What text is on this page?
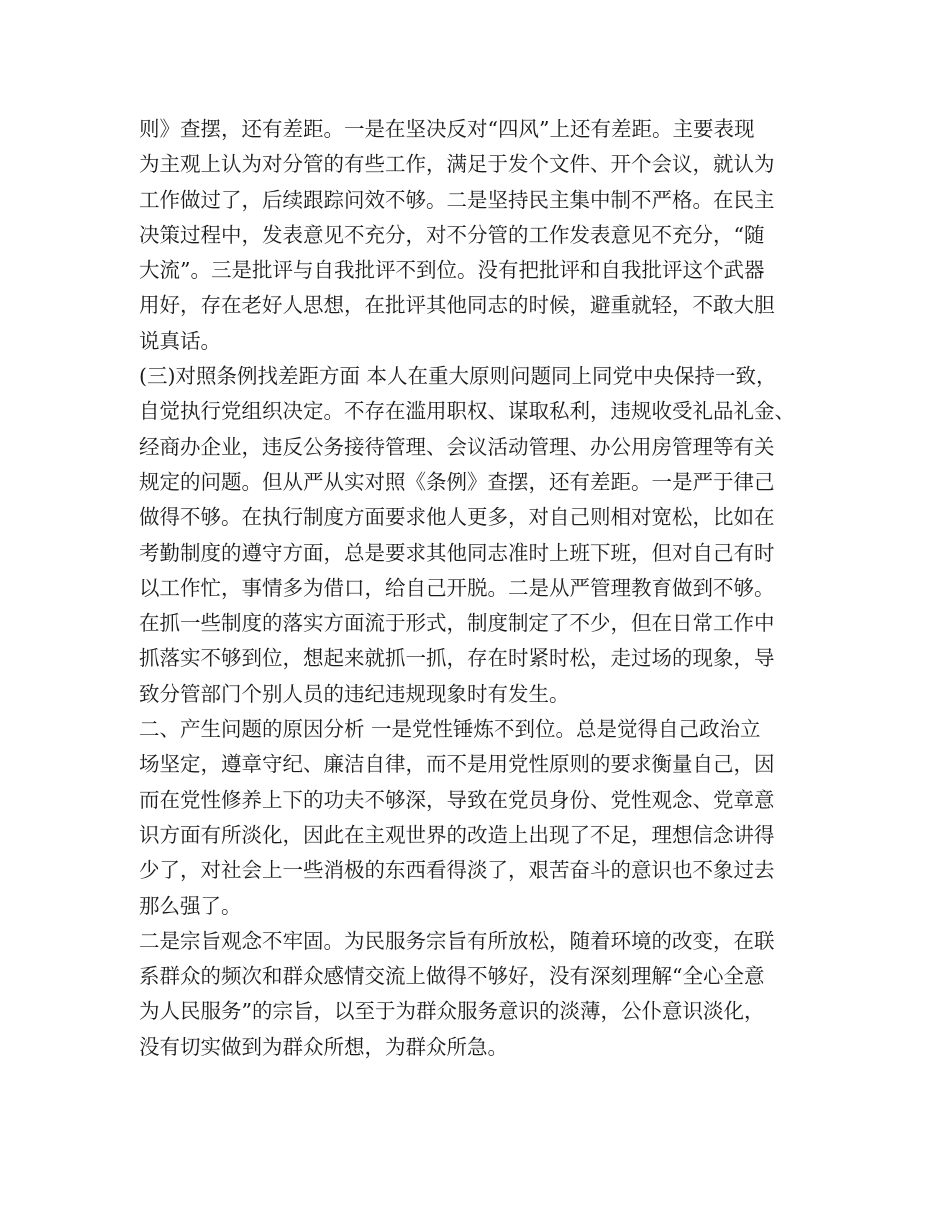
则》查摆，还有差距。一是在坚决反对“四风”上还有差距。主要表现
为主观上认为对分管的有些工作，满足于发个文件、开个会议，就认为
工作做过了，后续跟踪问效不够。二是坚持民主集中制不严格。在民主
决策过程中，发表意见不充分，对不分管的工作发表意见不充分，“随
大流”。三是批评与自我批评不到位。没有把批评和自我批评这个武器
用好，存在老好人思想，在批评其他同志的时候，避重就轻，不敢大胆
说真话。
(三)对照条例找差距方面 本人在重大原则问题同上同党中央保持一致，
自觉执行党组织决定。不存在滥用职权、谋取私利，违规收受礼品礼金、
经商办企业，违反公务接待管理、会议活动管理、办公用房管理等有关
规定的问题。但从严从实对照《条例》查摆，还有差距。一是严于律己
做得不够。在执行制度方面要求他人更多，对自己则相对宽松，比如在
考勤制度的遵守方面，总是要求其他同志准时上班下班，但对自己有时
以工作忙，事情多为借口，给自己开脱。二是从严管理教育做到不够。
在抓一些制度的落实方面流于形式，制度制定了不少，但在日常工作中
抓落实不够到位，想起来就抓一抓，存在时紧时松，走过场的现象，导
致分管部门个别人员的违纪违规现象时有发生。
二、产生问题的原因分析 一是党性锤炼不到位。总是觉得自己政治立
场坚定，遵章守纪、廉洁自律，而不是用党性原则的要求衡量自己，因
而在党性修养上下的功夫不够深，导致在党员身份、党性观念、党章意
识方面有所淡化，因此在主观世界的改造上出现了不足，理想信念讲得
少了，对社会上一些消极的东西看得淡了，艰苦奋斗的意识也不象过去
那么强了。
二是宗旨观念不牢固。为民服务宗旨有所放松，随着环境的改变，在联
系群众的频次和群众感情交流上做得不够好，没有深刻理解“全心全意
为人民服务”的宗旨，以至于为群众服务意识的淡薄，公仆意识淡化，
没有切实做到为群众所想，为群众所急。
